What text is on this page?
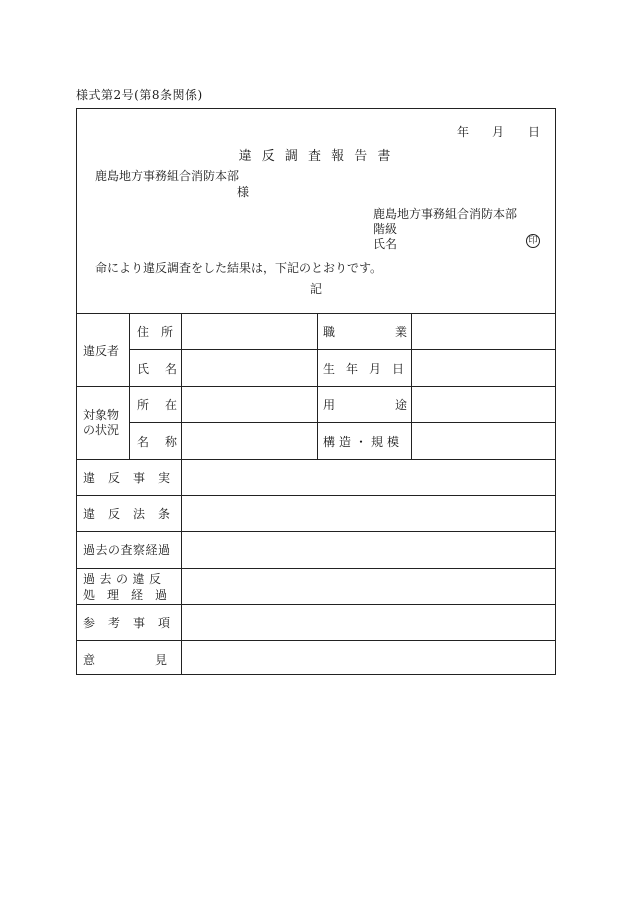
様式第2号(第8条関係)
年 月 日
違 反 調 査 報 告 書
鹿島地方事務組合消防本部
様
鹿島地方事務組合消防本部
階級
氏名	印
命により違反調査をした結果は，下記のとおりです。
記
違反者
住　所
氏　名
職　業
生年月日
対象物
の状況
所　在
名　称
用　途
構造・規模
違反事実
違反法条
過去の査察経過
過去の違反
処理経過
参考事項
意　見
